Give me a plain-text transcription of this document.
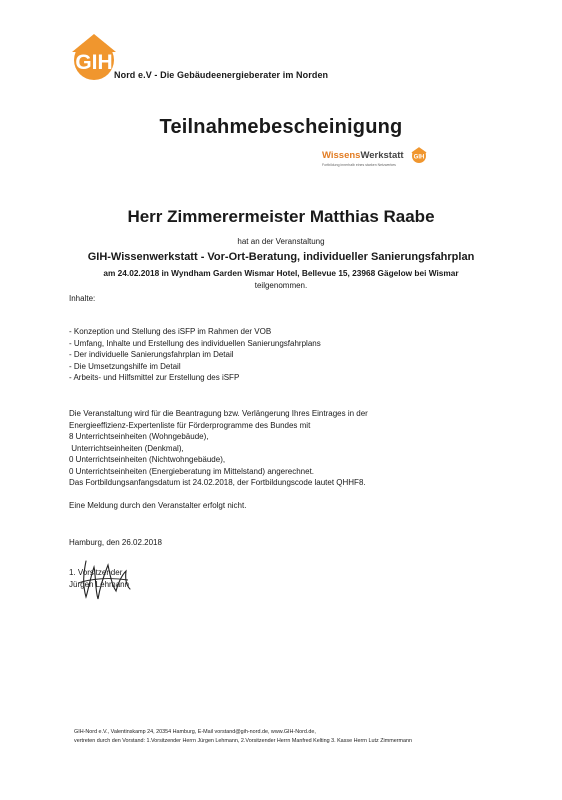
GIH
Nord e.V - Die Gebäudeenergieberater im Norden
Teilnahmebescheinigung
WissensWerkstatt
Fortbildung innerhalb eines starken Netzwerkes
GIH
Herr Zimmerermeister Matthias Raabe
hat an der Veranstaltung
GIH-Wissenwerkstatt - Vor-Ort-Beratung, individueller Sanierungsfahrplan
am 24.02.2018 in Wyndham Garden Wismar Hotel, Bellevue 15, 23968 Gägelow bei Wismar
teilgenommen.
Inhalte:
- Konzeption und Stellung des iSFP im Rahmen der VOB
- Umfang, Inhalte und Erstellung des individuellen Sanierungsfahrplans
- Der individuelle Sanierungsfahrplan im Detail
- Die Umsetzungshilfe im Detail
- Arbeits- und Hilfsmittel zur Erstellung des iSFP
Die Veranstaltung wird für die Beantragung bzw. Verlängerung Ihres Eintrages in der
Energieeffizienz-Expertenliste für Förderprogramme des Bundes mit
8 Unterrichtseinheiten (Wohngebäude),
Unterrichtseinheiten (Denkmal),
0 Unterrichtseinheiten (Nichtwohngebäude),
0 Unterrichtseinheiten (Energieberatung im Mittelstand) angerechnet.
Das Fortbildungsanfangsdatum ist 24.02.2018, der Fortbildungscode lautet QHHF8.
Eine Meldung durch den Veranstalter erfolgt nicht.
Hamburg, den 26.02.2018
1. Vorsitzender
Jürgen Lehmann
GIH-Nord e.V., Valentinskamp 24, 20354 Hamburg, E-Mail vorstand@gih-nord.de, www.GIH-Nord.de,
vertreten durch den Vorstand: 1.Vorsitzender Herrn Jürgen Lehmann, 2.Vorsitzender Herrn Manfred Kelting 3. Kasse Herrn Lutz Zimmermann
